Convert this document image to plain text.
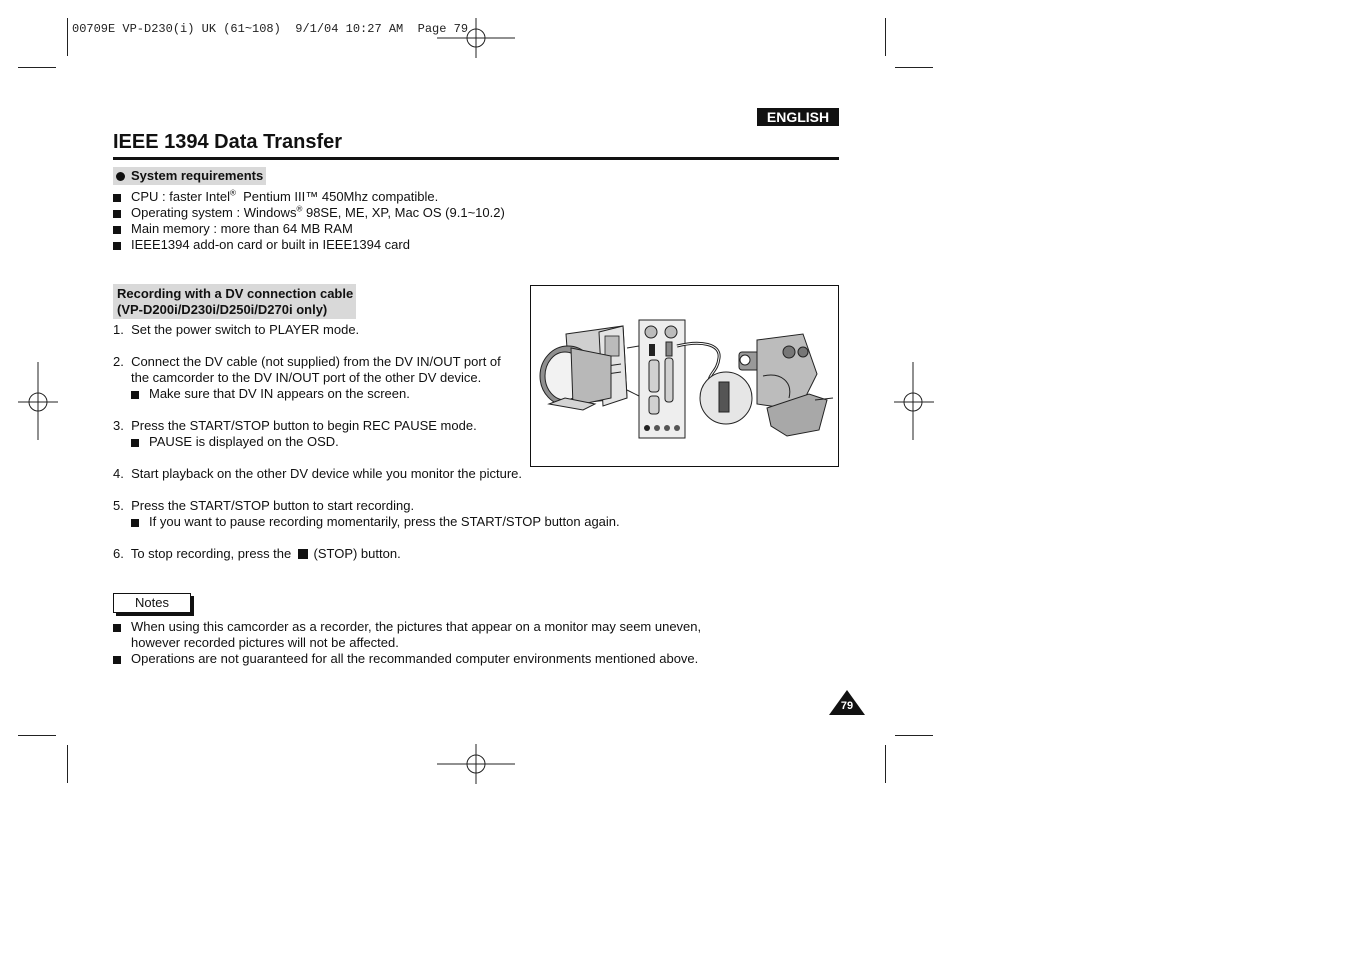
00709E VP-D230(i) UK (61~108)  9/1/04 10:27 AM  Page 79
ENGLISH
IEEE 1394 Data Transfer
System requirements
CPU : faster Intel®  Pentium III™ 450Mhz compatible.
Operating system : Windows® 98SE, ME, XP, Mac OS (9.1~10.2)
Main memory : more than 64 MB RAM
IEEE1394 add-on card or built in IEEE1394 card
Recording with a DV connection cable
(VP-D200i/D230i/D250i/D270i only)
1.  Set the power switch to PLAYER mode.
2.  Connect the DV cable (not supplied) from the DV IN/OUT port of
the camcorder to the DV IN/OUT port of the other DV device.
Make sure that DV IN appears on the screen.
3.  Press the START/STOP button to begin REC PAUSE mode.
PAUSE is displayed on the OSD.
4.  Start playback on the other DV device while you monitor the picture.
5.  Press the START/STOP button to start recording.
If you want to pause recording momentarily, press the START/STOP button again.
6.  To stop recording, press the (STOP) button.
Notes
When using this camcorder as a recorder, the pictures that appear on a monitor may seem uneven,
however recorded pictures will not be affected.
Operations are not guaranteed for all the recommanded computer environments mentioned above.
79
